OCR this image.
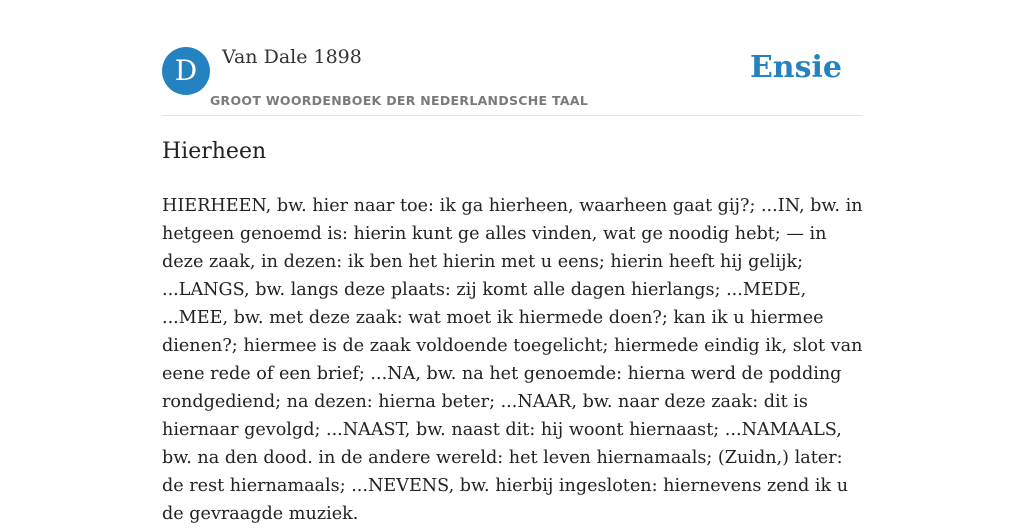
D	Van Dale 1898
GROOT WOORDENBOEK DER NEDERLANDSCHE TAAL
Ensie
Hierheen

HIERHEEN, bw. hier naar toe: ik ga hierheen, waarheen gaat gij?; ...IN, bw. in hetgeen genoemd is: hierin kunt ge alles vinden, wat ge noodig hebt; — in deze zaak, in dezen: ik ben het hierin met u eens; hierin heeft hij gelijk; ...LANGS, bw. langs deze plaats: zij komt alle dagen hierlangs; ...MEDE, ...MEE, bw. met deze zaak: wat moet ik hiermede doen?; kan ik u hiermee dienen?; hiermee is de zaak voldoende toegelicht; hiermede eindig ik, slot van eene rede of een brief; ...NA, bw. na het genoemde: hierna werd de podding rondgediend; na dezen: hierna beter; ...NAAR, bw. naar deze zaak: dit is hiernaar gevolgd; ...NAAST, bw. naast dit: hij woont hiernaast; ...NAMAALS, bw. na den dood. in de andere wereld: het leven hiernamaals; (Zuidn,) later: de rest hiernamaals; ...NEVENS, bw. hierbij ingesloten: hiernevens zend ik u de gevraagde muziek.
